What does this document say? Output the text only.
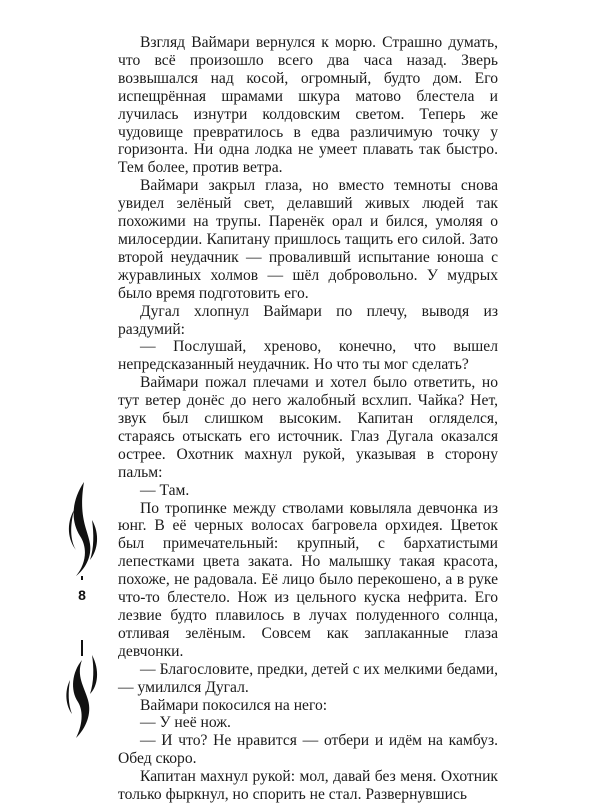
Взгляд Ваймари вернулся к морю. Страшно думать, что всё произошло всего два часа назад. Зверь возвышался над косой, огромный, будто дом. Его испещрённая шрамами шкура матово блестела и лучилась изнутри колдовским светом. Теперь же чудовище превратилось в едва различимую точку у горизонта. Ни одна лодка не умеет плавать так быстро. Тем более, против ветра.

Ваймари закрыл глаза, но вместо темноты снова увидел зелёный свет, делавший живых людей так похожими на трупы. Паренёк орал и бился, умоляя о милосердии. Капитану пришлось тащить его силой. Зато второй неудачник — провалившй испытание юноша с журавлиных холмов — шёл добровольно. У мудрых было время подготовить его.

Дугал хлопнул Ваймари по плечу, выводя из раздумий:

— Послушай, хреново, конечно, что вышел непредсказанный неудачник. Но что ты мог сделать?

Ваймари пожал плечами и хотел было ответить, но тут ветер донёс до него жалобный всхлип. Чайка? Нет, звук был слишком высоким. Капитан огляделся, стараясь отыскать его источник. Глаз Дугала оказался острее. Охотник махнул рукой, указывая в сторону пальм:

— Там.

По тропинке между стволами ковыляла девчонка из юнг. В её черных волосах багровела орхидея. Цветок был примечательный: крупный, с бархатистыми лепестками цвета заката. Но малышку такая красота, похоже, не радовала. Её лицо было перекошено, а в руке что-то блестело. Нож из цельного куска нефрита. Его лезвие будто плавилось в лучах полуденного солнца, отливая зелёным. Совсем как заплаканные глаза девчонки.

— Благословите, предки, детей с их мелкими бедами, — умилился Дугал.

Ваймари покосился на него:

— У неё нож.

— И что? Не нравится — отбери и идём на камбуз. Обед скоро.

Капитан махнул рукой: мол, давай без меня. Охотник только фыркнул, но спорить не стал. Развернувшись

8
